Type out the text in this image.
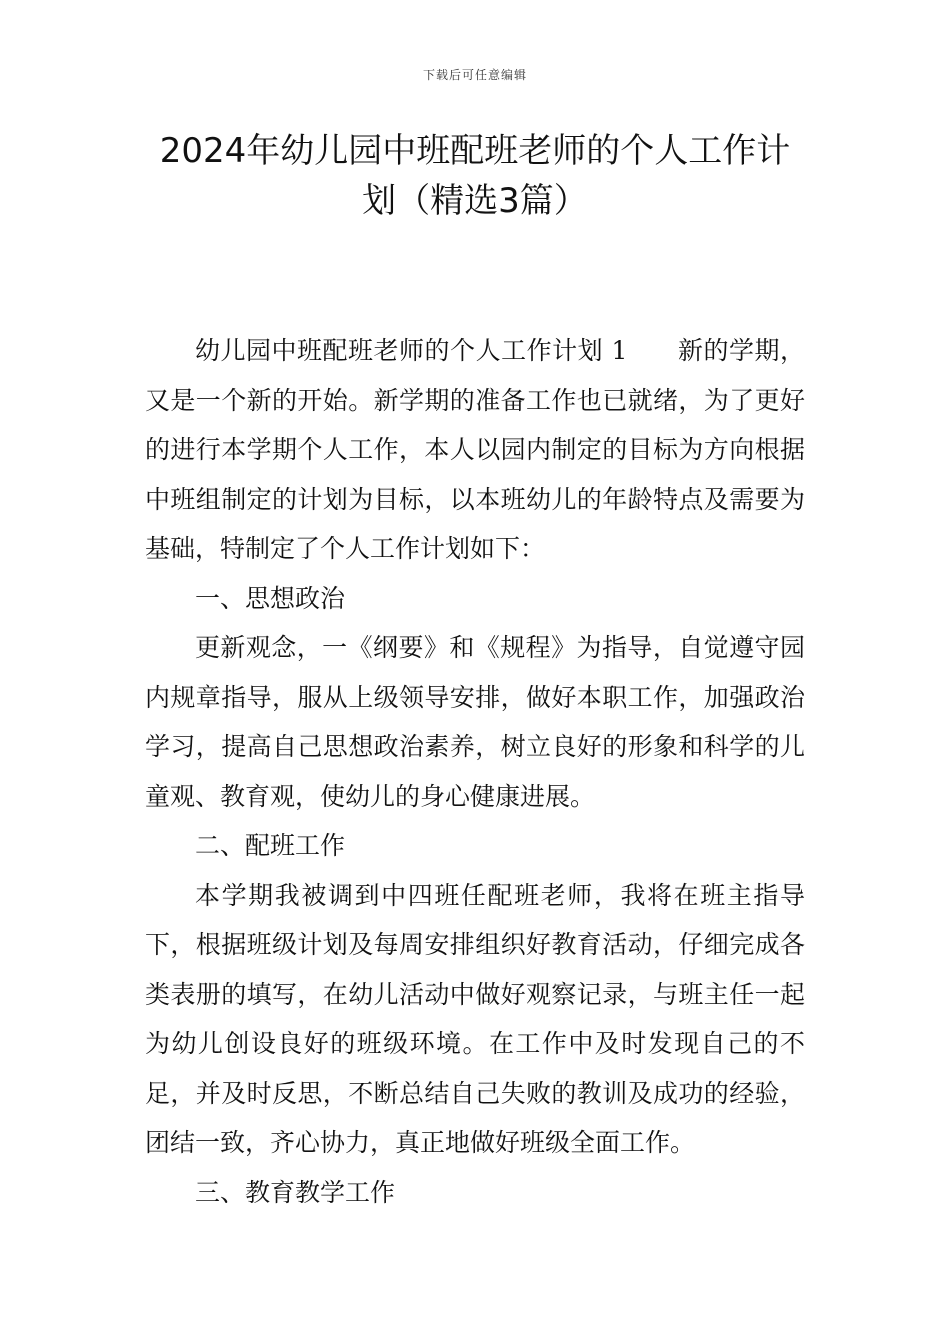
下载后可任意编辑
2024年幼儿园中班配班老师的个人工作计
划（精选3篇）

幼儿园中班配班老师的个人工作计划 1 新的学期，又是一个新的开始。新学期的准备工作也已就绪，为了更好的进行本学期个人工作，本人以园内制定的目标为方向根据中班组制定的计划为目标，以本班幼儿的年龄特点及需要为基础，特制定了个人工作计划如下：

一、思想政治

更新观念，一《纲要》和《规程》为指导，自觉遵守园内规章指导，服从上级领导安排，做好本职工作，加强政治学习，提高自己思想政治素养，树立良好的形象和科学的儿童观、教育观，使幼儿的身心健康进展。

二、配班工作

本学期我被调到中四班任配班老师，我将在班主指导下，根据班级计划及每周安排组织好教育活动，仔细完成各类表册的填写，在幼儿活动中做好观察记录，与班主任一起为幼儿创设良好的班级环境。在工作中及时发现自己的不足，并及时反思，不断总结自己失败的教训及成功的经验，团结一致，齐心协力，真正地做好班级全面工作。

三、教育教学工作
